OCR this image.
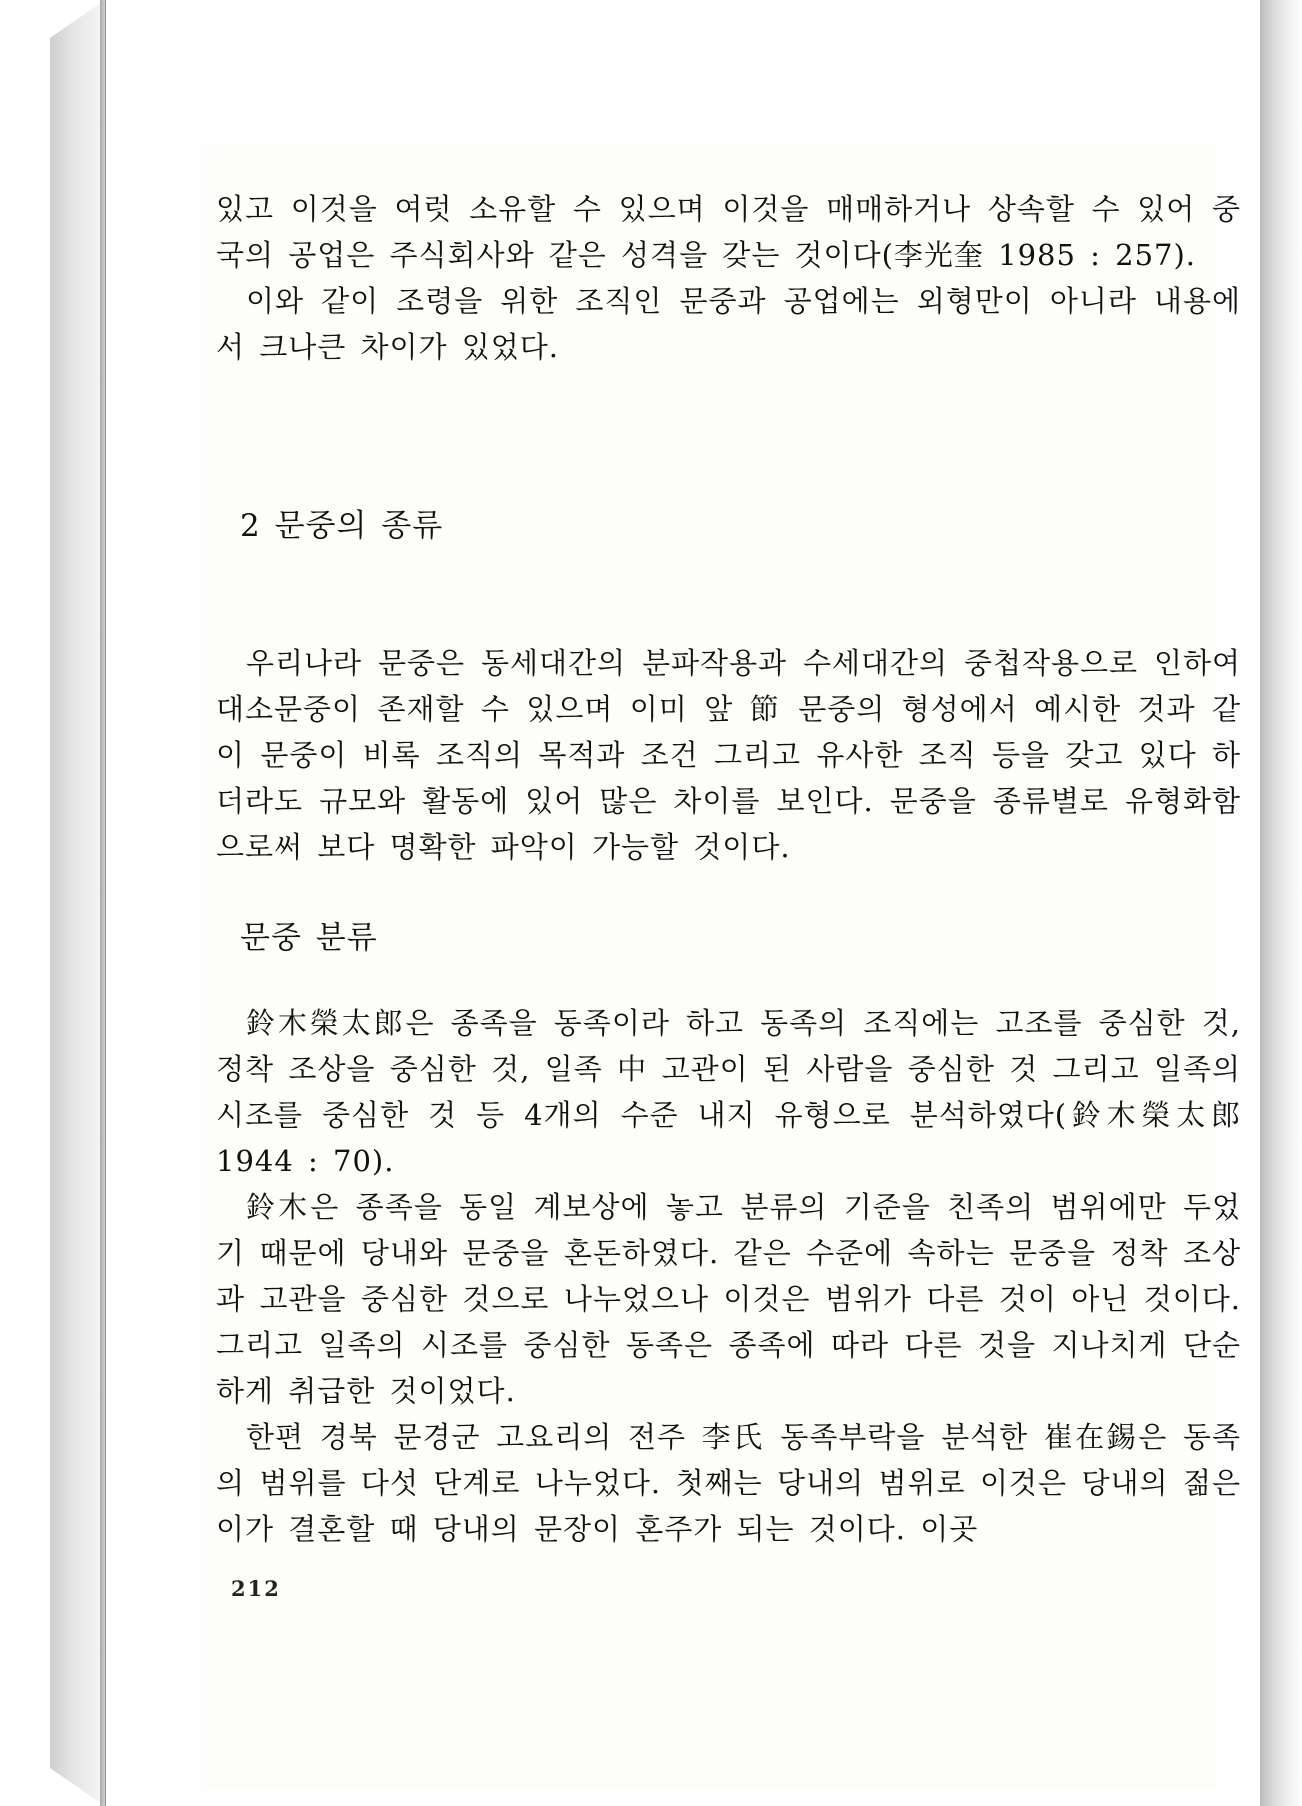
있고 이것을 여럿 소유할 수 있으며 이것을 매매하거나 상속할 수 있어 중국의 공업은 주식회사와 같은 성격을 갖는 것이다(李光奎 1985 : 257).

이와 같이 조령을 위한 조직인 문중과 공업에는 외형만이 아니라 내용에서 크나큰 차이가 있었다.

2 문중의 종류

우리나라 문중은 동세대간의 분파작용과 수세대간의 중첩작용으로 인하여 대소문중이 존재할 수 있으며 이미 앞 節 문중의 형성에서 예시한 것과 같이 문중이 비록 조직의 목적과 조건 그리고 유사한 조직 등을 갖고 있다 하더라도 규모와 활동에 있어 많은 차이를 보인다. 문중을 종류별로 유형화함으로써 보다 명확한 파악이 가능할 것이다.

문중 분류

鈴木榮太郎은 종족을 동족이라 하고 동족의 조직에는 고조를 중심한 것, 정착 조상을 중심한 것, 일족 中 고관이 된 사람을 중심한 것 그리고 일족의 시조를 중심한 것 등 4개의 수준 내지 유형으로 분석하였다(鈴木榮太郎 1944 : 70).

鈴木은 종족을 동일 계보상에 놓고 분류의 기준을 친족의 범위에만 두었기 때문에 당내와 문중을 혼돈하였다. 같은 수준에 속하는 문중을 정착 조상과 고관을 중심한 것으로 나누었으나 이것은 범위가 다른 것이 아닌 것이다. 그리고 일족의 시조를 중심한 동족은 종족에 따라 다른 것을 지나치게 단순하게 취급한 것이었다.

한편 경북 문경군 고요리의 전주 李氏 동족부락을 분석한 崔在錫은 동족의 범위를 다섯 단계로 나누었다. 첫째는 당내의 범위로 이것은 당내의 젊은이가 결혼할 때 당내의 문장이 혼주가 되는 것이다. 이곳

212
